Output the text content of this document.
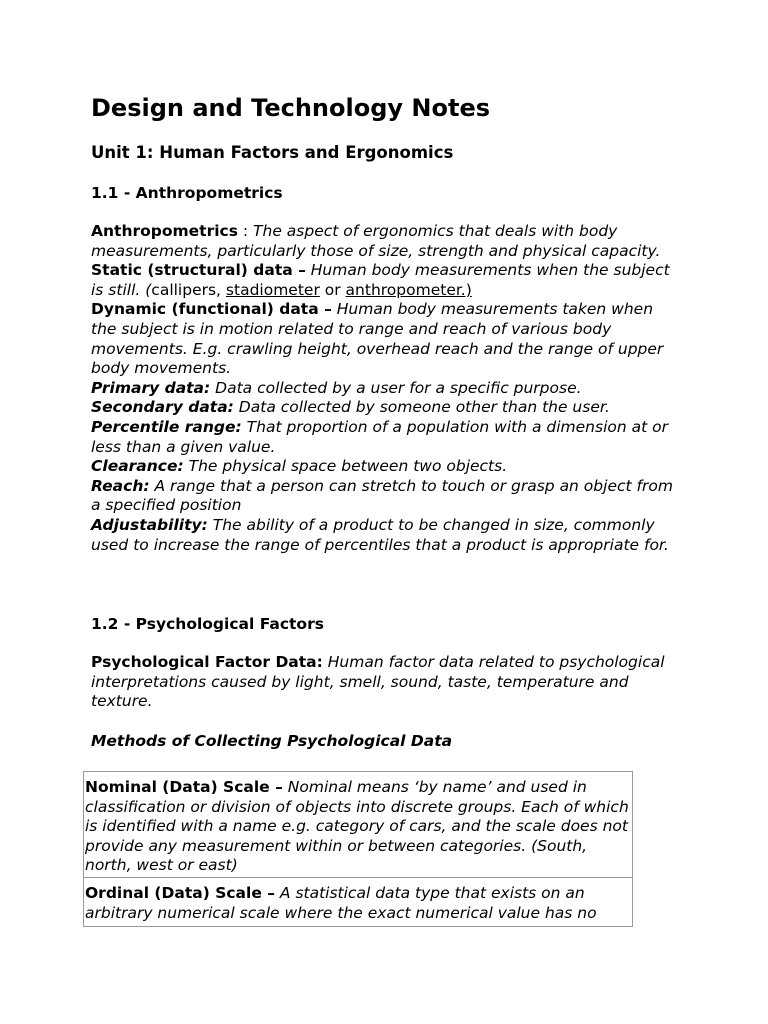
Design and Technology Notes
Unit 1: Human Factors and Ergonomics
1.1 - Anthropometrics

Anthropometrics : The aspect of ergonomics that deals with body measurements, particularly those of size, strength and physical capacity.

Static (structural) data – Human body measurements when the subject is still. (callipers, stadiometer or anthropometer.)

Dynamic (functional) data – Human body measurements taken when the subject is in motion related to range and reach of various body movements. E.g. crawling height, overhead reach and the range of upper body movements.

Primary data: Data collected by a user for a specific purpose.

Secondary data: Data collected by someone other than the user.

Percentile range: That proportion of a population with a dimension at or less than a given value.

Clearance: The physical space between two objects.

Reach: A range that a person can stretch to touch or grasp an object from a specified position

Adjustability: The ability of a product to be changed in size, commonly used to increase the range of percentiles that a product is appropriate for.

1.2 - Psychological Factors

Psychological Factor Data: Human factor data related to psychological interpretations caused by light, smell, sound, taste, temperature and texture.

Methods of Collecting Psychological Data
Nominal (Data) Scale – Nominal means ‘by name’ and used in classification or division of objects into discrete groups. Each of which is identified with a name e.g. category of cars, and the scale does not provide any measurement within or between categories. (South, north, west or east)
Ordinal (Data) Scale – A statistical data type that exists on an arbitrary numerical scale where the exact numerical value has no
